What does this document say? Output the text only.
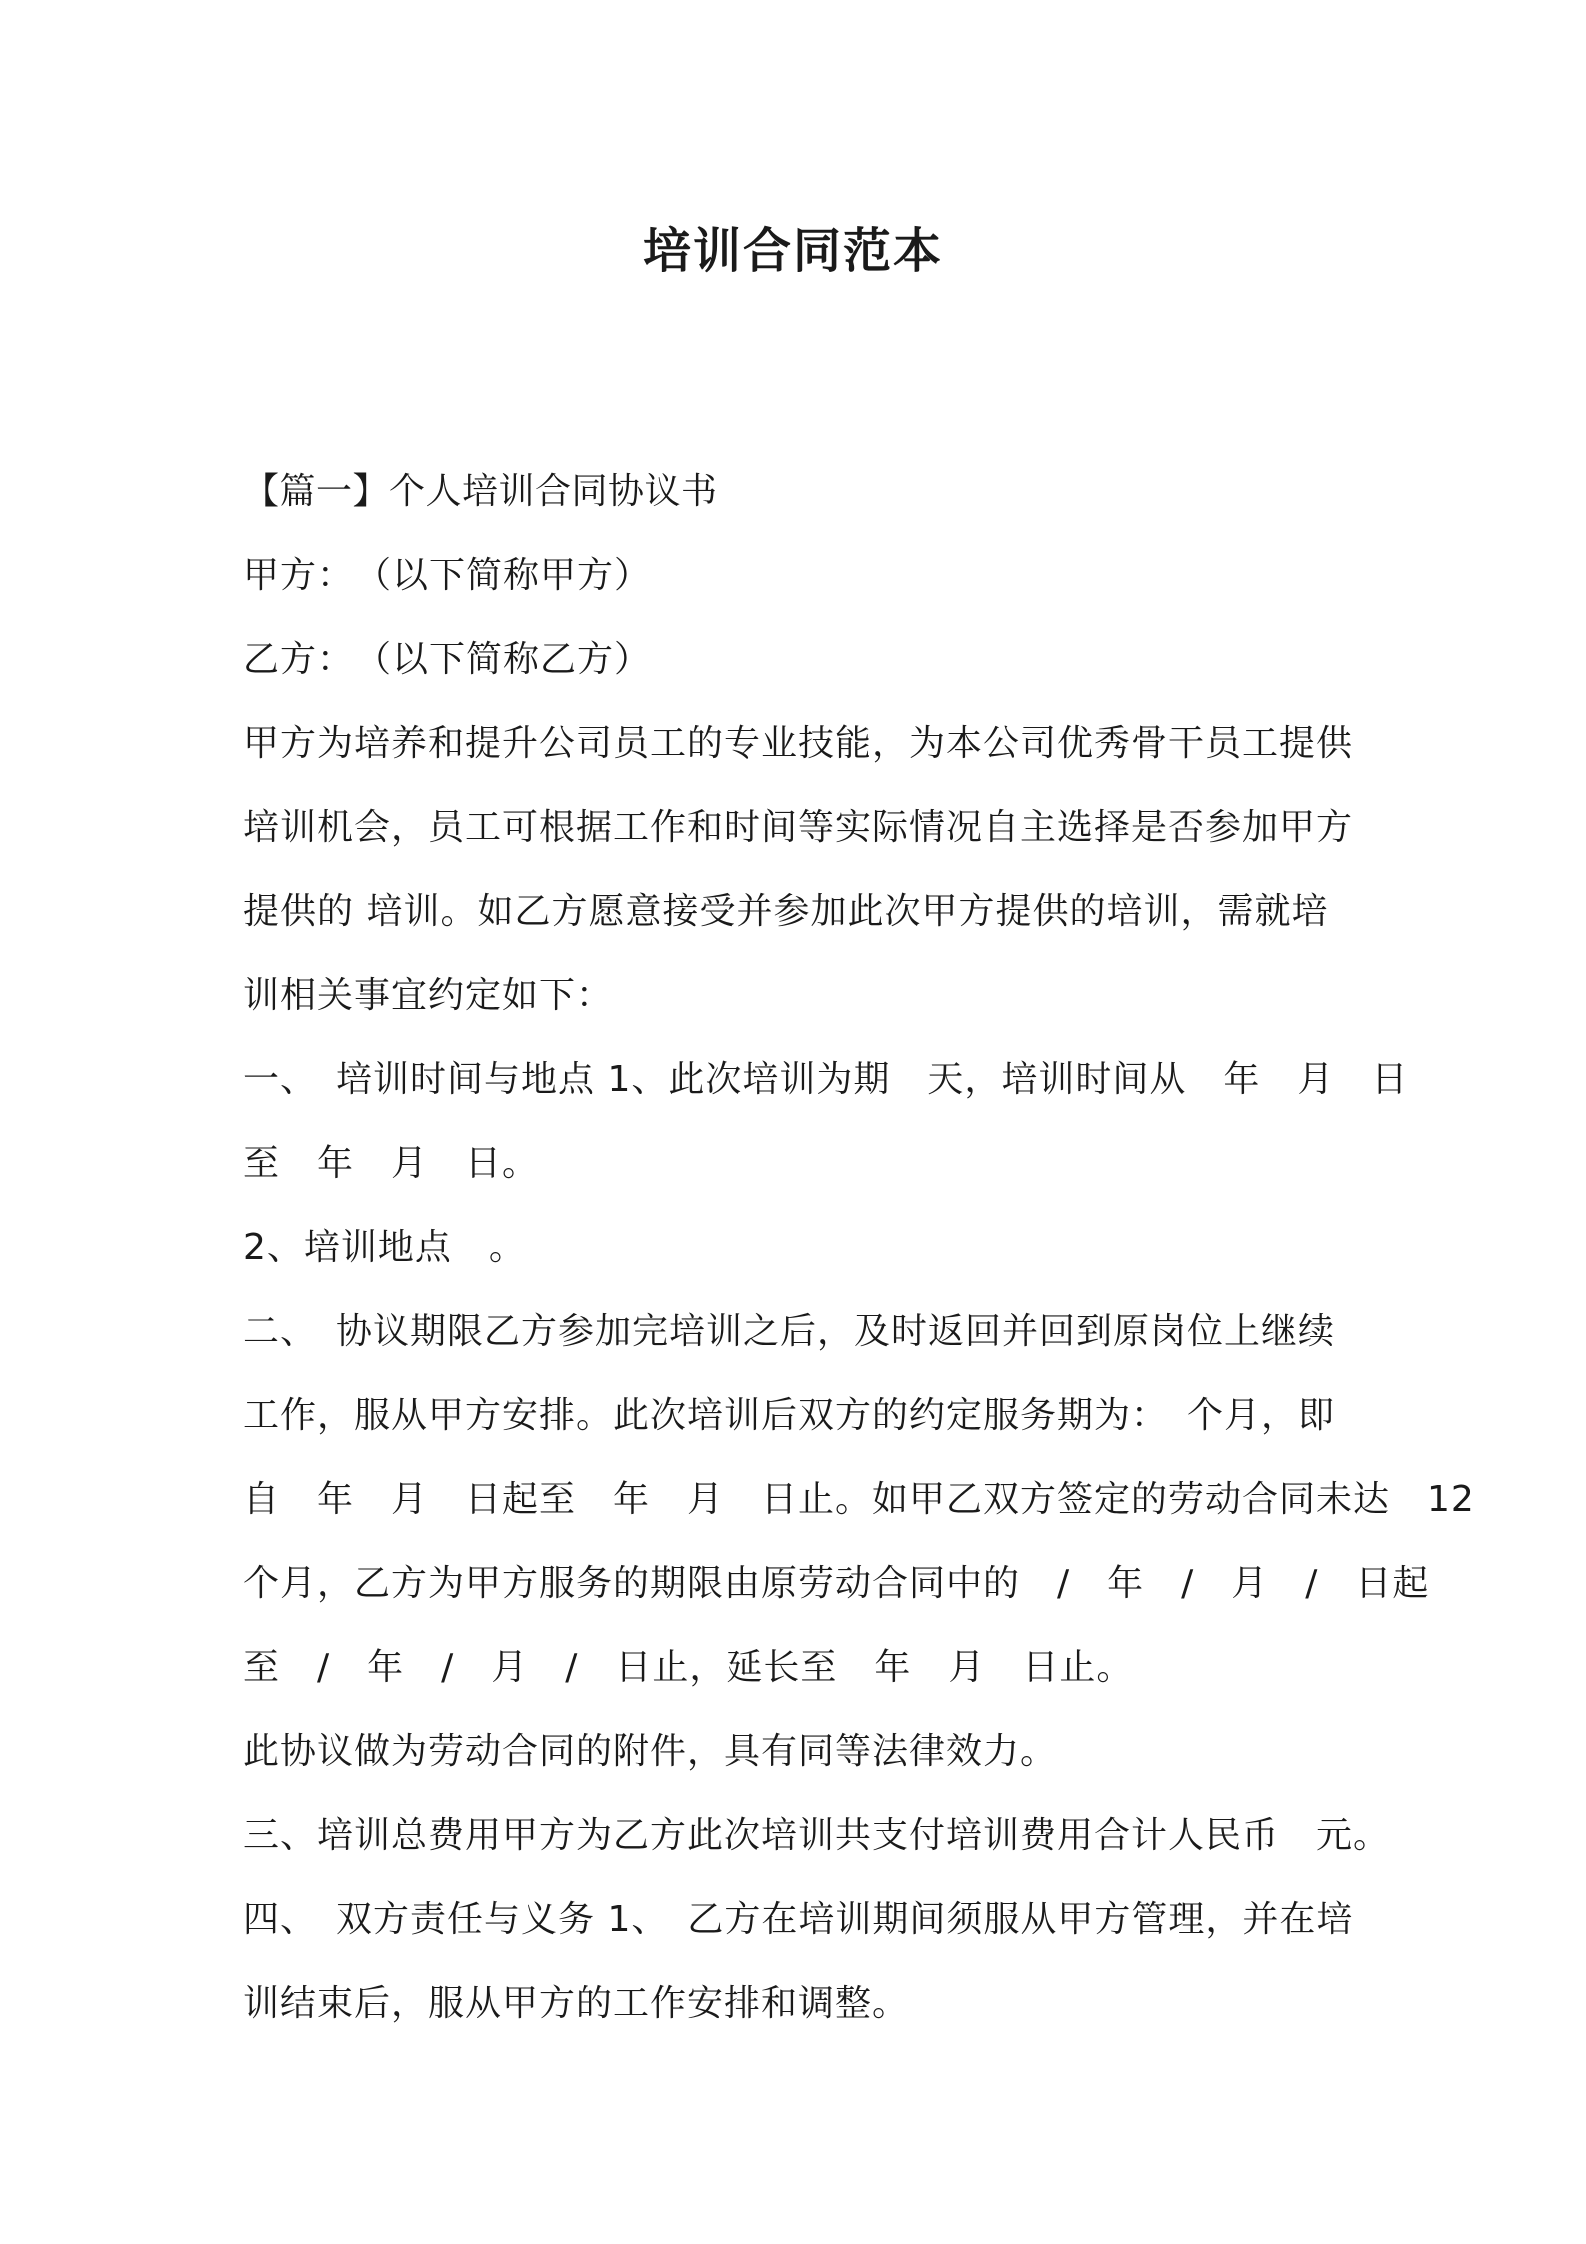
培训合同范本
【篇一】个人培训合同协议书
甲方：　（以下简称甲方）
乙方：　（以下简称乙方）
甲方为培养和提升公司员工的专业技能，为本公司优秀骨干员工提供
培训机会，员工可根据工作和时间等实际情况自主选择是否参加甲方
提供的 培训。如乙方愿意接受并参加此次甲方提供的培训，需就培
训相关事宜约定如下：
一、　培训时间与地点 1、此次培训为期　天，培训时间从　年　月　日
至　年　月　日。
2、培训地点　。
二、　协议期限乙方参加完培训之后，及时返回并回到原岗位上继续
工作，服从甲方安排。此次培训后双方的约定服务期为：　个月，即
自　年　月　日起至　年　月　日止。如甲乙双方签定的劳动合同未达　12
个月，乙方为甲方服务的期限由原劳动合同中的　/　年　/　月　/　日起
至　/　年　/　月　/　日止，延长至　年　月　日止。
此协议做为劳动合同的附件，具有同等法律效力。
三、培训总费用甲方为乙方此次培训共支付培训费用合计人民币　元。
四、　双方责任与义务 1、　乙方在培训期间须服从甲方管理，并在培
训结束后，服从甲方的工作安排和调整。
